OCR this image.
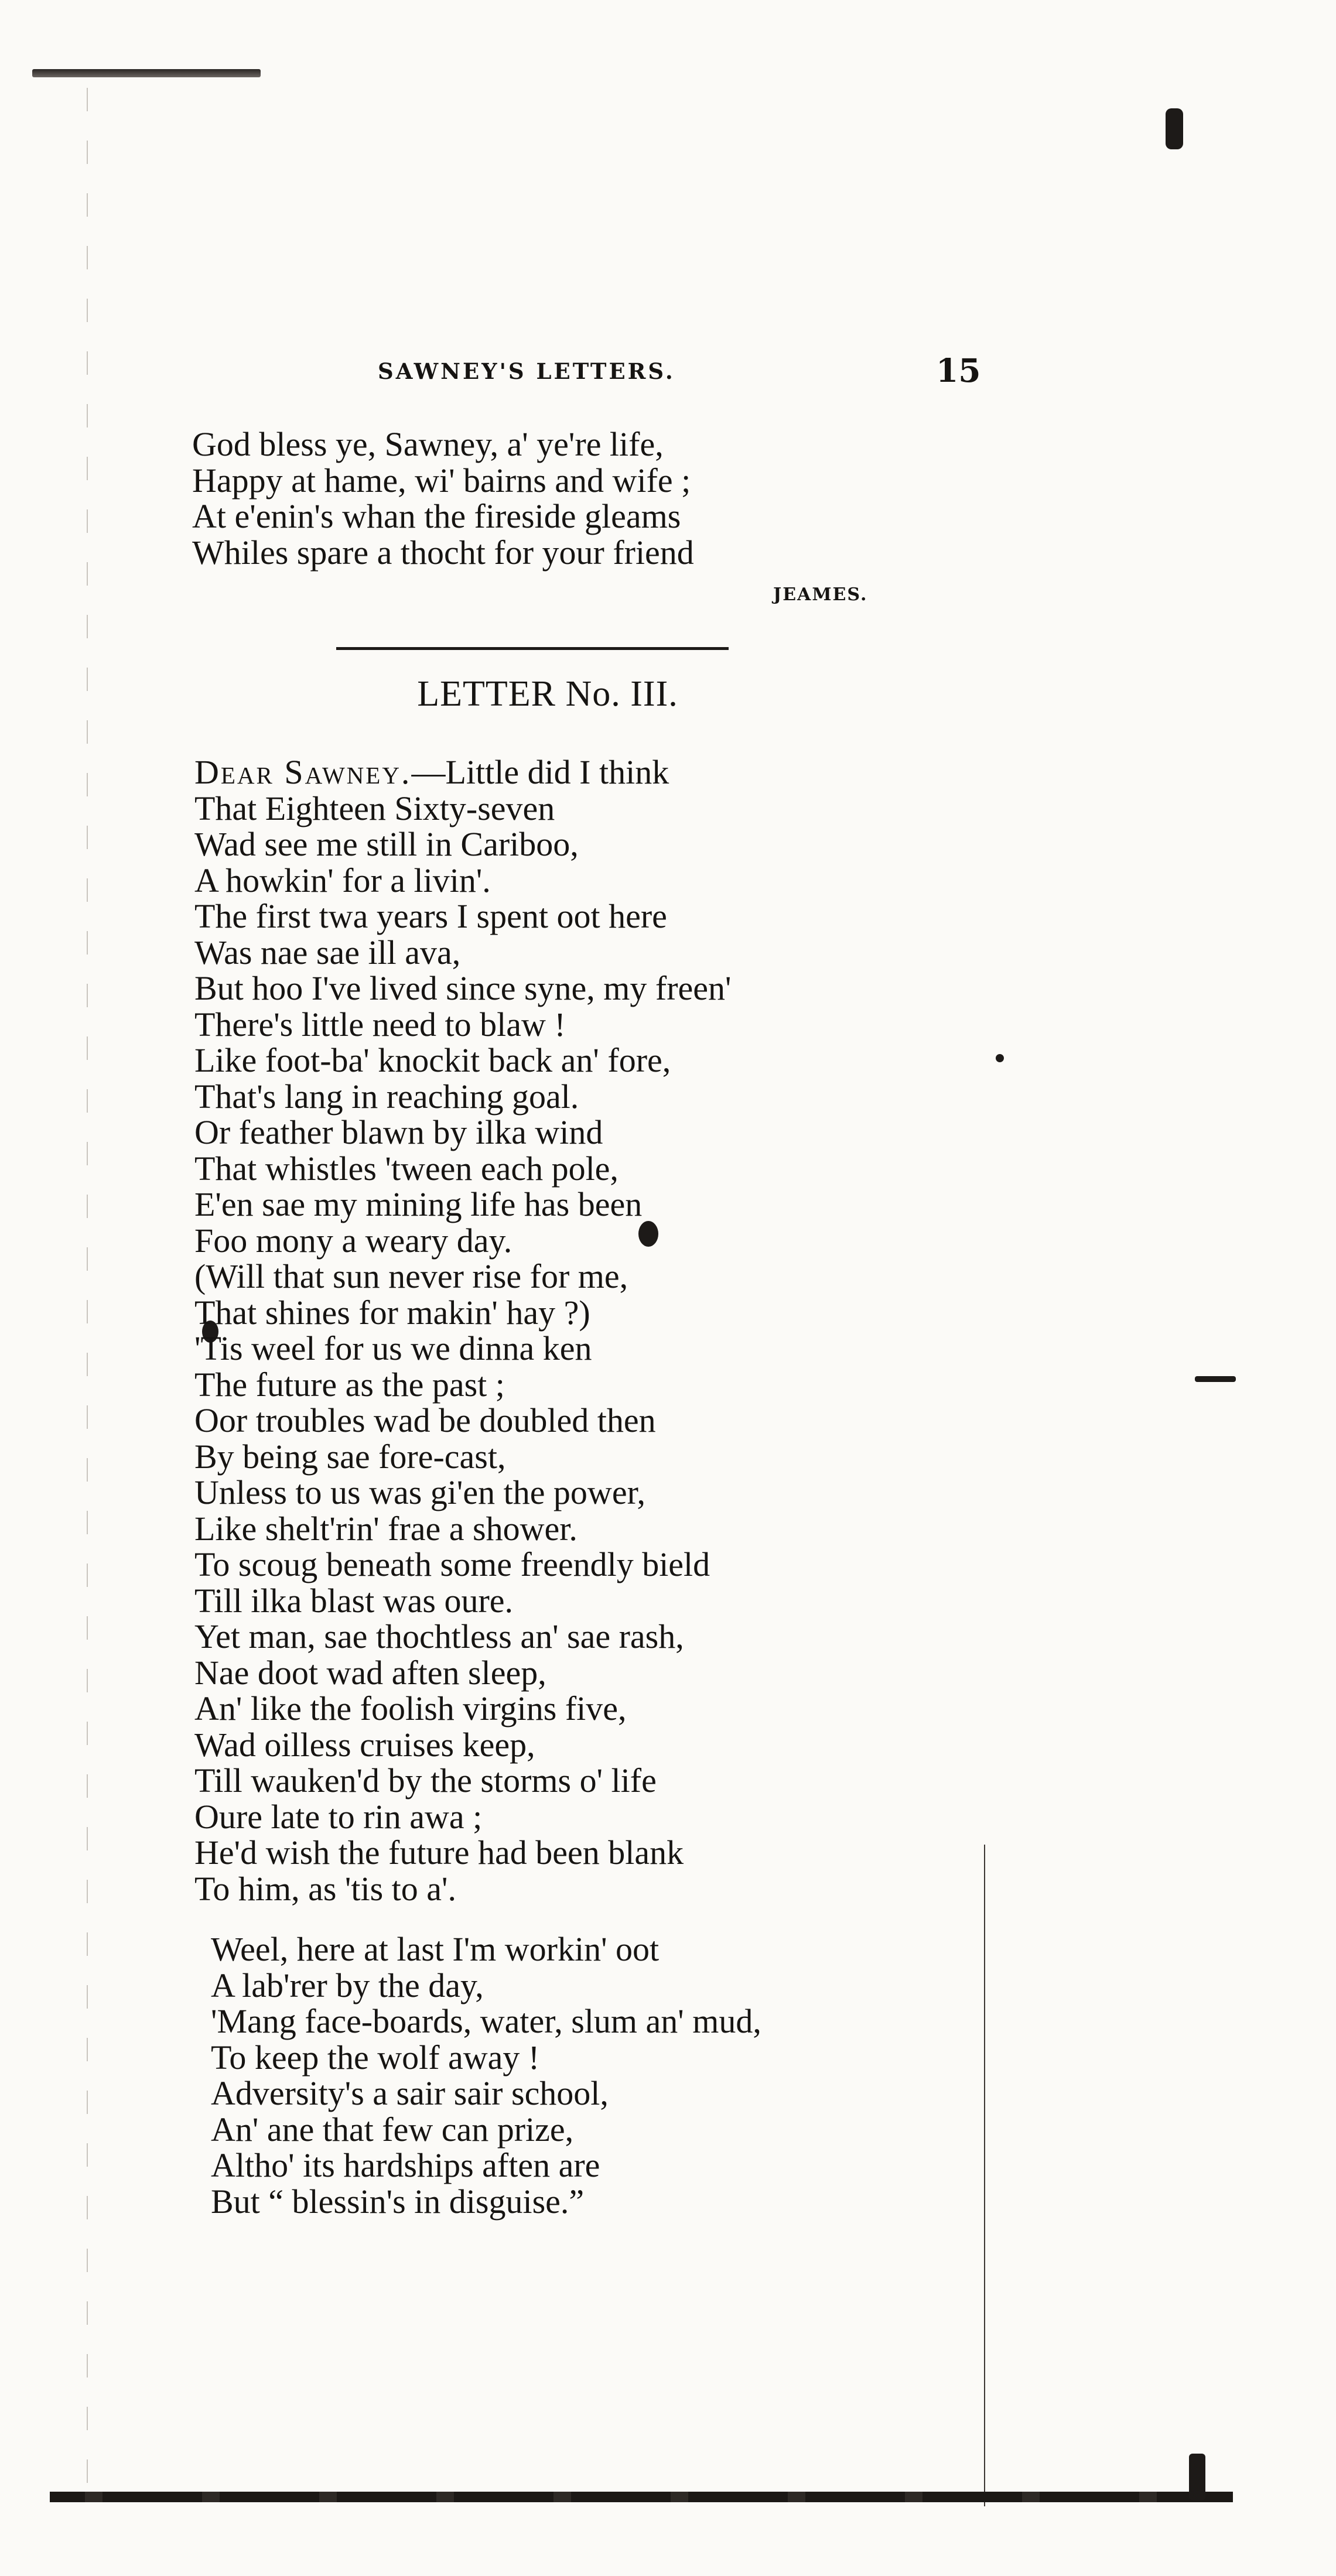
SAWNEY'S LETTERS.	15
God bless ye, Sawney, a' ye're life,
Happy at hame, wi' bairns and wife ;
At e'enin's whan the fireside gleams
Whiles spare a thocht for your friend
JEAMES.
LETTER No. III.
Dear Sawney.—Little did I think
That Eighteen Sixty-seven
Wad see me still in Cariboo,
A howkin' for a livin'.
The first twa years I spent oot here
Was nae sae ill ava,
But hoo I've lived since syne, my freen'
There's little need to blaw !
Like foot-ba' knockit back an' fore,
That's lang in reaching goal.
Or feather blawn by ilka wind
That whistles 'tween each pole,
E'en sae my mining life has been
Foo mony a weary day.
(Will that sun never rise for me,
That shines for makin' hay ?)
'Tis weel for us we dinna ken
The future as the past ;
Oor troubles wad be doubled then
By being sae fore-cast,
Unless to us was gi'en the power,
Like shelt'rin' frae a shower.
To scoug beneath some freendly bield
Till ilka blast was oure.
Yet man, sae thochtless an' sae rash,
Nae doot wad aften sleep,
An' like the foolish virgins five,
Wad oilless cruises keep,
Till wauken'd by the storms o' life
Oure late to rin awa ;
He'd wish the future had been blank
To him, as 'tis to a'.
Weel, here at last I'm workin' oot
A lab'rer by the day,
'Mang face-boards, water, slum an' mud,
To keep the wolf away !
Adversity's a sair sair school,
An' ane that few can prize,
Altho' its hardships aften are
But “ blessin's in disguise.”
